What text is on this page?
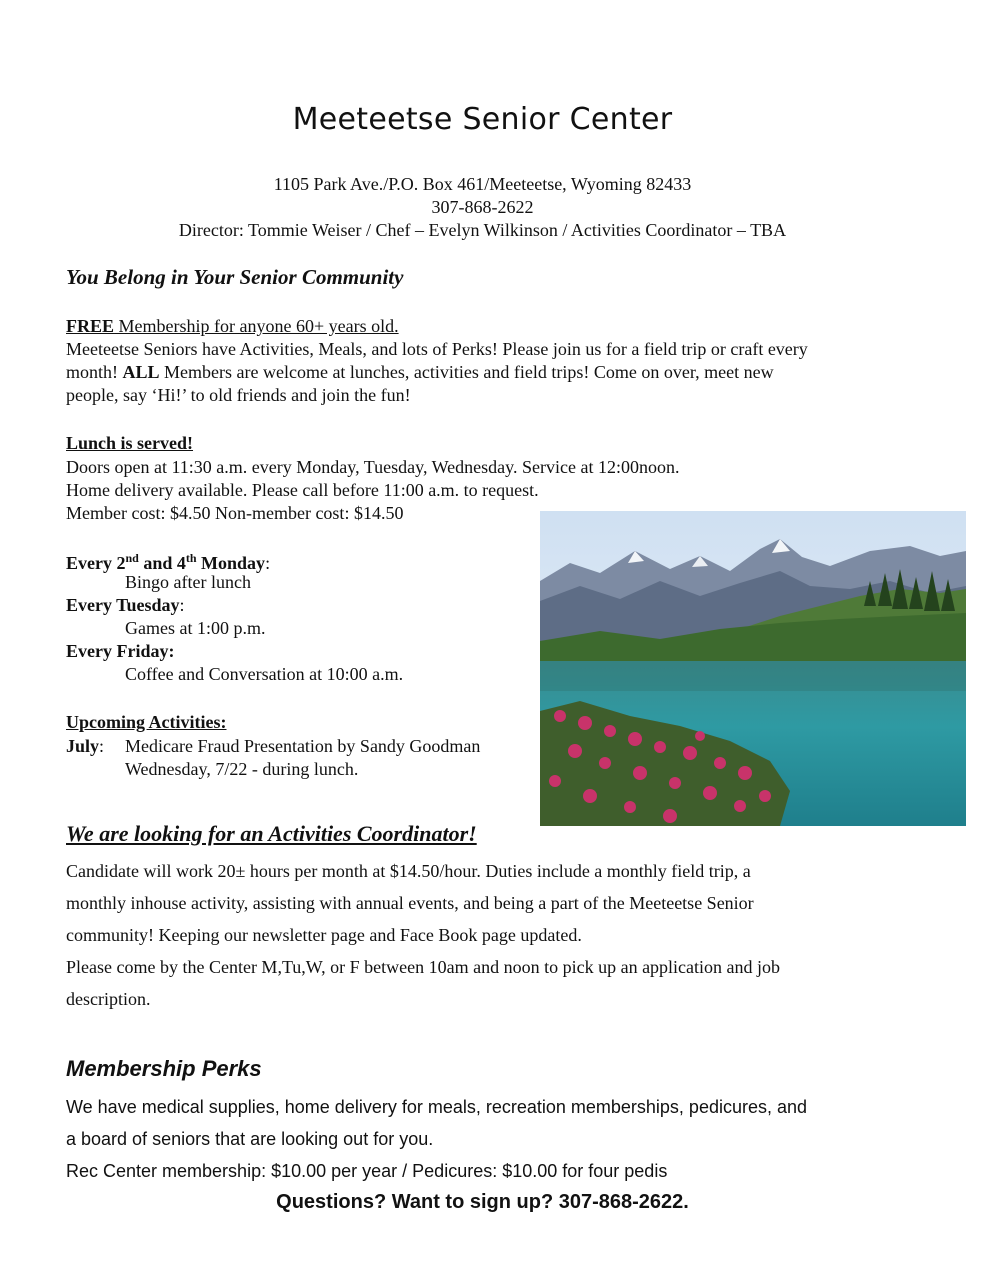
Meeteetse Senior Center
1105 Park Ave./P.O. Box 461/Meeteetse, Wyoming 82433
307-868-2622
Director: Tommie Weiser / Chef – Evelyn Wilkinson / Activities Coordinator – TBA
You Belong in Your Senior Community
FREE Membership for anyone 60+ years old.
Meeteetse Seniors have Activities, Meals, and lots of Perks! Please join us for a field trip or craft every
month! ALL Members are welcome at lunches, activities and field trips! Come on over, meet new
people, say ‘Hi!’ to old friends and join the fun!
Lunch is served!
Doors open at 11:30 a.m. every Monday, Tuesday, Wednesday. Service at 12:00noon.
Home delivery available. Please call before 11:00 a.m. to request.
Member cost: $4.50 Non-member cost: $14.50
Every 2nd and 4th Monday:
Bingo after lunch
Every Tuesday:
Games at 1:00 p.m.
Every Friday:
Coffee and Conversation at 10:00 a.m.
Upcoming Activities:
July: Medicare Fraud Presentation by Sandy Goodman
Wednesday, 7/22 - during lunch.
We are looking for an Activities Coordinator!
Candidate will work 20± hours per month at $14.50/hour. Duties include a monthly field trip, a
monthly inhouse activity, assisting with annual events, and being a part of the Meeteetse Senior
community! Keeping our newsletter page and Face Book page updated.
Please come by the Center M,Tu,W, or F between 10am and noon to pick up an application and job
description.
Membership Perks
We have medical supplies, home delivery for meals, recreation memberships, pedicures, and
a board of seniors that are looking out for you.
Rec Center membership: $10.00 per year / Pedicures: $10.00 for four pedis
Questions? Want to sign up? 307-868-2622.
